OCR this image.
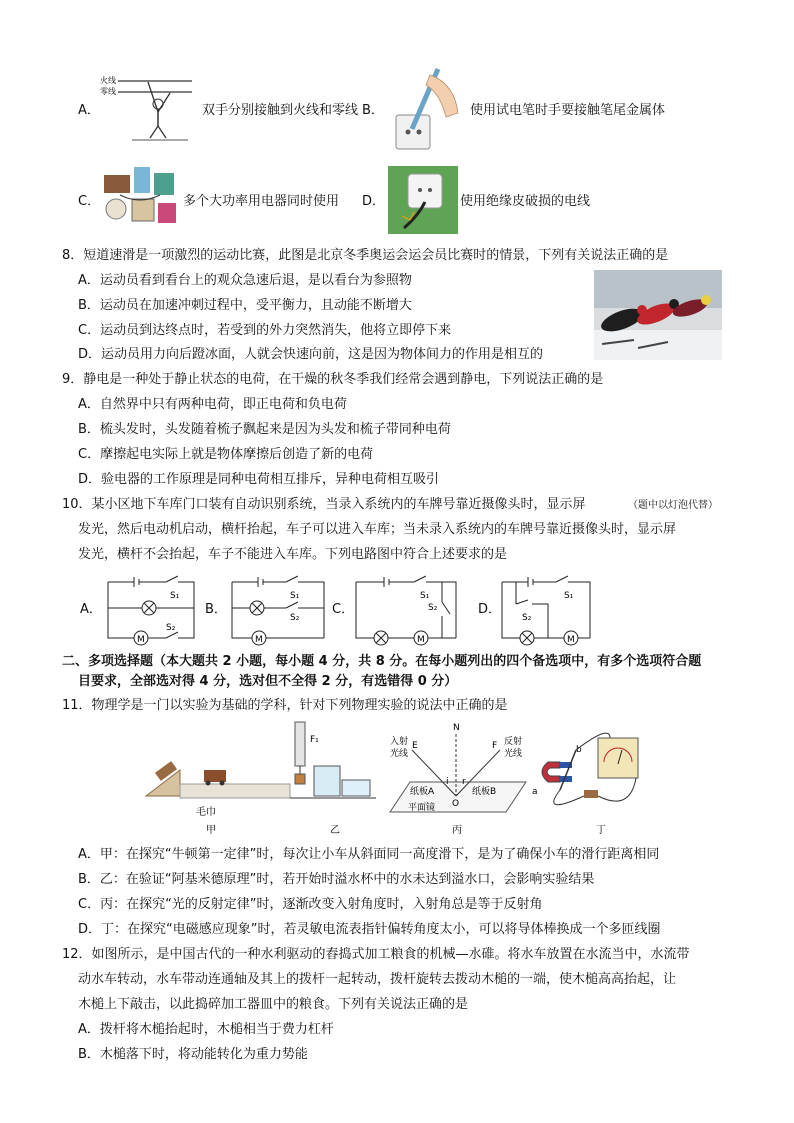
A．
火线
零线
双手分别接触到火线和零线 B．	使用试电笔时手要接触笔尾金属体
C．	多个大功率用电器同时使用 D．	使用绝缘皮破损的电线
8．短道速滑是一项激烈的运动比赛，此图是北京冬季奥运会运会员比赛时的情景，下列有关说法正确的是
A．运动员看到看台上的观众急速后退，是以看台为参照物
B．运动员在加速冲刺过程中，受平衡力，且动能不断增大
C．运动员到达终点时，若受到的外力突然消失，他将立即停下来
D．运动员用力向后蹬冰面，人就会快速向前，这是因为物体间力的作用是相互的
9．静电是一种处于静止状态的电荷，在干燥的秋冬季我们经常会遇到静电，下列说法正确的是
A．自然界中只有两种电荷，即正电荷和负电荷
B．梳头发时，头发随着梳子飘起来是因为头发和梳子带同种电荷
C．摩擦起电实际上就是物体摩擦后创造了新的电荷
D．验电器的工作原理是同种电荷相互排斥，异种电荷相互吸引
10．某小区地下车库门口装有自动识别系统，当录入系统内的车牌号靠近摄像头时，显示屏	（题中以灯泡代替）
发光，然后电动机启动，横杆抬起，车子可以进入车库；当未录入系统内的车牌号靠近摄像头时，显示屏
发光，横杆不会抬起，车子不能进入车库。下列电路图中符合上述要求的是
A．
S₁
S₂
M
B．
S₁
S₂
M
C．
S₁
S₂
M
D．
S₁
S₂
M
二、多项选择题（本大题共 2 小题，每小题 4 分，共 8 分。在每小题列出的四个备选项中，有多个选项符合题
目要求，全部选对得 4 分，选对但不全得 2 分，有选错得 0 分）
11．物理学是一门以实验为基础的学科，针对下列物理实验的说法中正确的是
毛巾
甲
F₁
乙
N
E	F
O
i r
入射
光线
反射
光线
纸板A	纸板B
平面镜
丙
b
a
丁
A．甲：在探究“牛顿第一定律”时，每次让小车从斜面同一高度滑下，是为了确保小车的滑行距离相同
B．乙：在验证“阿基米德原理”时，若开始时溢水杯中的水未达到溢水口，会影响实验结果
C．丙：在探究“光的反射定律”时，逐渐改变入射角度时，入射角总是等于反射角
D．丁：在探究“电磁感应现象”时，若灵敏电流表指针偏转角度太小，可以将导体棒换成一个多匝线圈
12．如图所示，是中国古代的一种水利驱动的舂捣式加工粮食的机械—水碓。将水车放置在水流当中，水流带
动水车转动，水车带动连通轴及其上的拨杆一起转动，拨杆旋转去拨动木槌的一端，使木槌高高抬起，让
木槌上下敲击，以此捣碎加工器皿中的粮食。下列有关说法正确的是
A．拨杆将木槌抬起时，木槌相当于费力杠杆
B．木槌落下时，将动能转化为重力势能
